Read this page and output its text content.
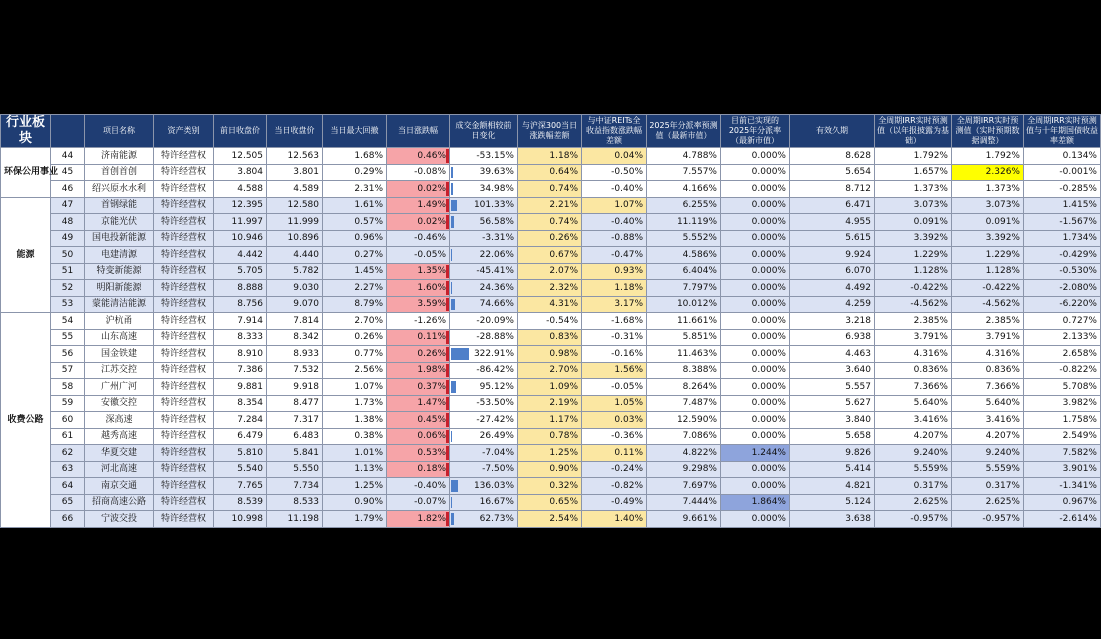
行业板块		项目名称	资产类别	前日收盘价	当日收盘价	当日最大回撤	当日涨跌幅	成交金额相较前日变化	与沪深300当日涨跌幅差额	与中证REITs全收益指数涨跌幅差额	2025年分派率预测值（最新市值）	目前已实现的2025年分派率（最新市值）	有效久期	全周期IRR实时预测值（以年报披露为基础）	全周期IRR实时预测值（实时预期数据调整）	全周期IRR实时预测值与十年期国债收益率差额
环保公用事业	44	济南能源	特许经营权	12.505	12.563	1.68%	0.46%	-53.15%	1.18%	0.04%	4.788%	0.000%	8.628	1.792%	1.792%	0.134%
	45	首创首创	特许经营权	3.804	3.801	0.29%	-0.08%	39.63%	0.64%	-0.50%	7.557%	0.000%	5.654	1.657%	2.326%	-0.001%
	46	绍兴原水水利	特许经营权	4.588	4.589	2.31%	0.02%	34.98%	0.74%	-0.40%	4.166%	0.000%	8.712	1.373%	1.373%	-0.285%
能源	47	首钢绿能	特许经营权	12.395	12.580	1.61%	1.49%	101.33%	2.21%	1.07%	6.255%	0.000%	6.471	3.073%	3.073%	1.415%
	48	京能光伏	特许经营权	11.997	11.999	0.57%	0.02%	56.58%	0.74%	-0.40%	11.119%	0.000%	4.955	0.091%	0.091%	-1.567%
	49	国电投新能源	特许经营权	10.946	10.896	0.96%	-0.46%	-3.31%	0.26%	-0.88%	5.552%	0.000%	5.615	3.392%	3.392%	1.734%
	50	电建清源	特许经营权	4.442	4.440	0.27%	-0.05%	22.06%	0.67%	-0.47%	4.586%	0.000%	9.924	1.229%	1.229%	-0.429%
	51	特变新能源	特许经营权	5.705	5.782	1.45%	1.35%	-45.41%	2.07%	0.93%	6.404%	0.000%	6.070	1.128%	1.128%	-0.530%
	52	明阳新能源	特许经营权	8.888	9.030	2.27%	1.60%	24.36%	2.32%	1.18%	7.797%	0.000%	4.492	-0.422%	-0.422%	-2.080%
	53	蒙能清洁能源	特许经营权	8.756	9.070	8.79%	3.59%	74.66%	4.31%	3.17%	10.012%	0.000%	4.259	-4.562%	-4.562%	-6.220%
收费公路	54	沪杭甬	特许经营权	7.914	7.814	2.70%	-1.26%	-20.09%	-0.54%	-1.68%	11.661%	0.000%	3.218	2.385%	2.385%	0.727%
	55	山东高速	特许经营权	8.333	8.342	0.26%	0.11%	-28.88%	0.83%	-0.31%	5.851%	0.000%	6.938	3.791%	3.791%	2.133%
	56	国金铁建	特许经营权	8.910	8.933	0.77%	0.26%	322.91%	0.98%	-0.16%	11.463%	0.000%	4.463	4.316%	4.316%	2.658%
	57	江苏交控	特许经营权	7.386	7.532	2.56%	1.98%	-86.42%	2.70%	1.56%	8.388%	0.000%	3.640	0.836%	0.836%	-0.822%
	58	广州广河	特许经营权	9.881	9.918	1.07%	0.37%	95.12%	1.09%	-0.05%	8.264%	0.000%	5.557	7.366%	7.366%	5.708%
	59	安徽交控	特许经营权	8.354	8.477	1.73%	1.47%	-53.50%	2.19%	1.05%	7.487%	0.000%	5.627	5.640%	5.640%	3.982%
	60	深高速	特许经营权	7.284	7.317	1.38%	0.45%	-27.42%	1.17%	0.03%	12.590%	0.000%	3.840	3.416%	3.416%	1.758%
	61	越秀高速	特许经营权	6.479	6.483	0.38%	0.06%	26.49%	0.78%	-0.36%	7.086%	0.000%	5.658	4.207%	4.207%	2.549%
	62	华夏交建	特许经营权	5.810	5.841	1.01%	0.53%	-7.04%	1.25%	0.11%	4.822%	1.244%	9.826	9.240%	9.240%	7.582%
	63	河北高速	特许经营权	5.540	5.550	1.13%	0.18%	-7.50%	0.90%	-0.24%	9.298%	0.000%	5.414	5.559%	5.559%	3.901%
	64	南京交通	特许经营权	7.765	7.734	1.25%	-0.40%	136.03%	0.32%	-0.82%	7.697%	0.000%	4.821	0.317%	0.317%	-1.341%
	65	招商高速公路	特许经营权	8.539	8.533	0.90%	-0.07%	16.67%	0.65%	-0.49%	7.444%	1.864%	5.124	2.625%	2.625%	0.967%
	66	宁波交投	特许经营权	10.998	11.198	1.79%	1.82%	62.73%	2.54%	1.40%	9.661%	0.000%	3.638	-0.957%	-0.957%	-2.614%
